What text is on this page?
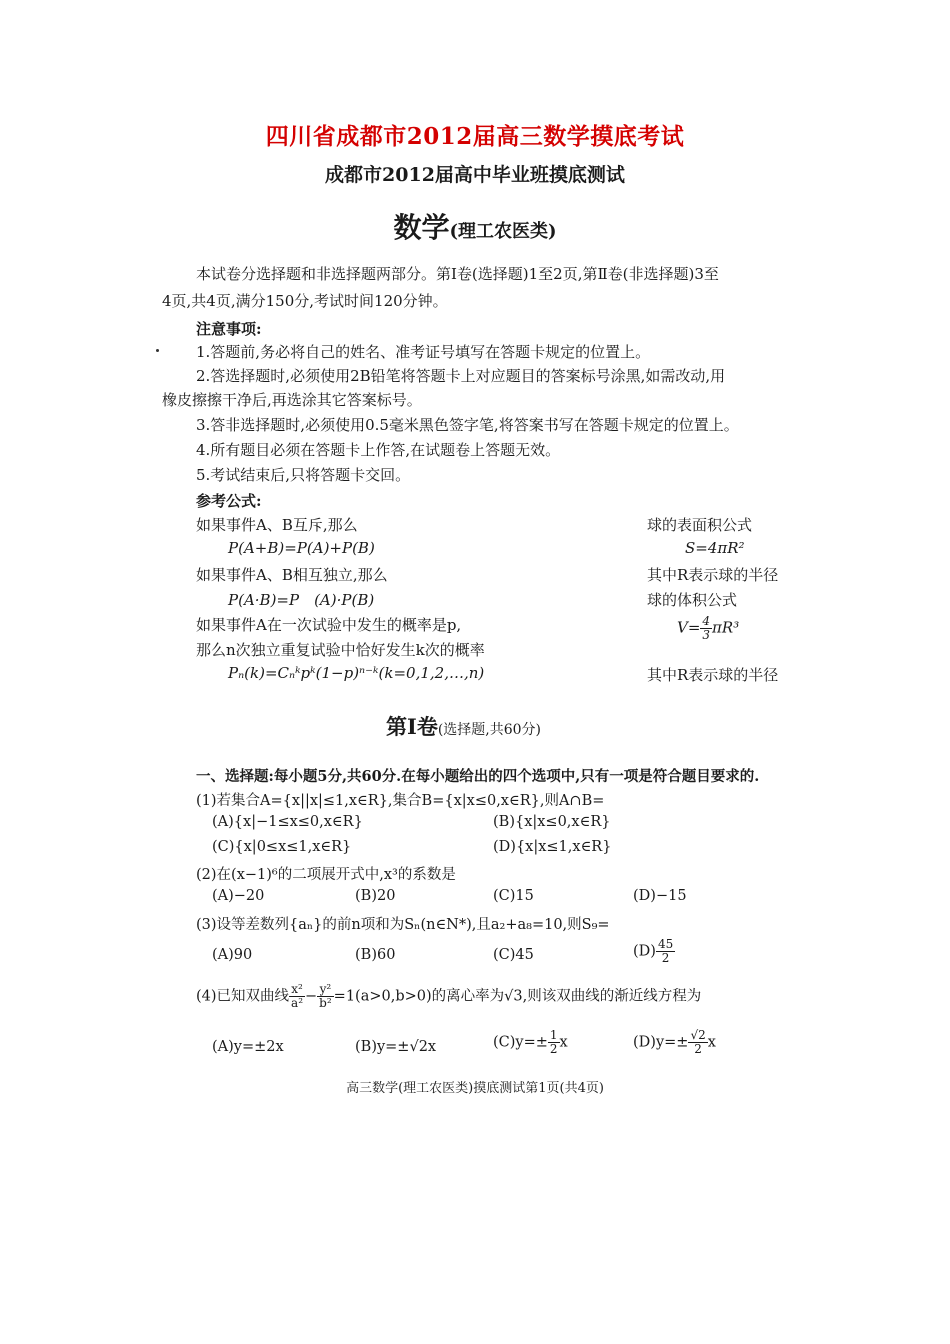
四川省成都市2012届高三数学摸底考试
成都市2012届高中毕业班摸底测试
数学(理工农医类)
本试卷分选择题和非选择题两部分。第Ⅰ卷(选择题)1至2页,第Ⅱ卷(非选择题)3至
4页,共4页,满分150分,考试时间120分钟。
注意事项:
1.答题前,务必将自己的姓名、准考证号填写在答题卡规定的位置上。
2.答选择题时,必须使用2B铅笔将答题卡上对应题目的答案标号涂黑,如需改动,用
橡皮擦擦干净后,再选涂其它答案标号。
3.答非选择题时,必须使用0.5毫米黑色签字笔,将答案书写在答题卡规定的位置上。
4.所有题目必须在答题卡上作答,在试题卷上答题无效。
5.考试结束后,只将答题卡交回。
参考公式:
如果事件A、B互斥,那么
P(A+B)=P(A)+P(B)
如果事件A、B相互独立,那么
P(A·B)=P　(A)·P(B)
如果事件A在一次试验中发生的概率是p,
那么n次独立重复试验中恰好发生k次的概率
Pₙ(k)=Cₙᵏpᵏ(1−p)ⁿ⁻ᵏ(k=0,1,2,…,n)
球的表面积公式
S=4πR²
其中R表示球的半径
球的体积公式
$V= \frac{4}{3} \pi R^3$
其中R表示球的半径
第Ⅰ卷(选择题,共60分)
一、选择题:每小题5分,共60分.在每小题给出的四个选项中,只有一项是符合题目要求的.
(1)若集合A={x||x|≤1,x∈R},集合B={x|x≤0,x∈R},则A∩B=
(A){x|−1≤x≤0,x∈R}	(B){x|x≤0,x∈R}
(C){x|0≤x≤1,x∈R}	(D){x|x≤1,x∈R}
(2)在(x−1)⁶的二项展开式中,x³的系数是
(A)−20	(B)20	(C)15	(D)−15
(3)设等差数列{aₙ}的前n项和为Sₙ(n∈N*),且a₂+a₈=10,则S₉=
(A)90	(B)60	(C)45	$(D) \frac{45}{2}$
(4)已知双曲线 $\frac{\text{x²}}{\text{a²}} - \frac{\text{y²}}{\text{b²}} =1(a>0,b>0)$的离心率为√3,则该双曲线的渐近线方程为
(A)y=±2x	(B)y=±√2x	$(C)y=\pm \frac{1}{2}$ x	$(D)y=\pm \frac{√2}{2}$ x
高三数学(理工农医类)摸底测试第1页(共4页)
